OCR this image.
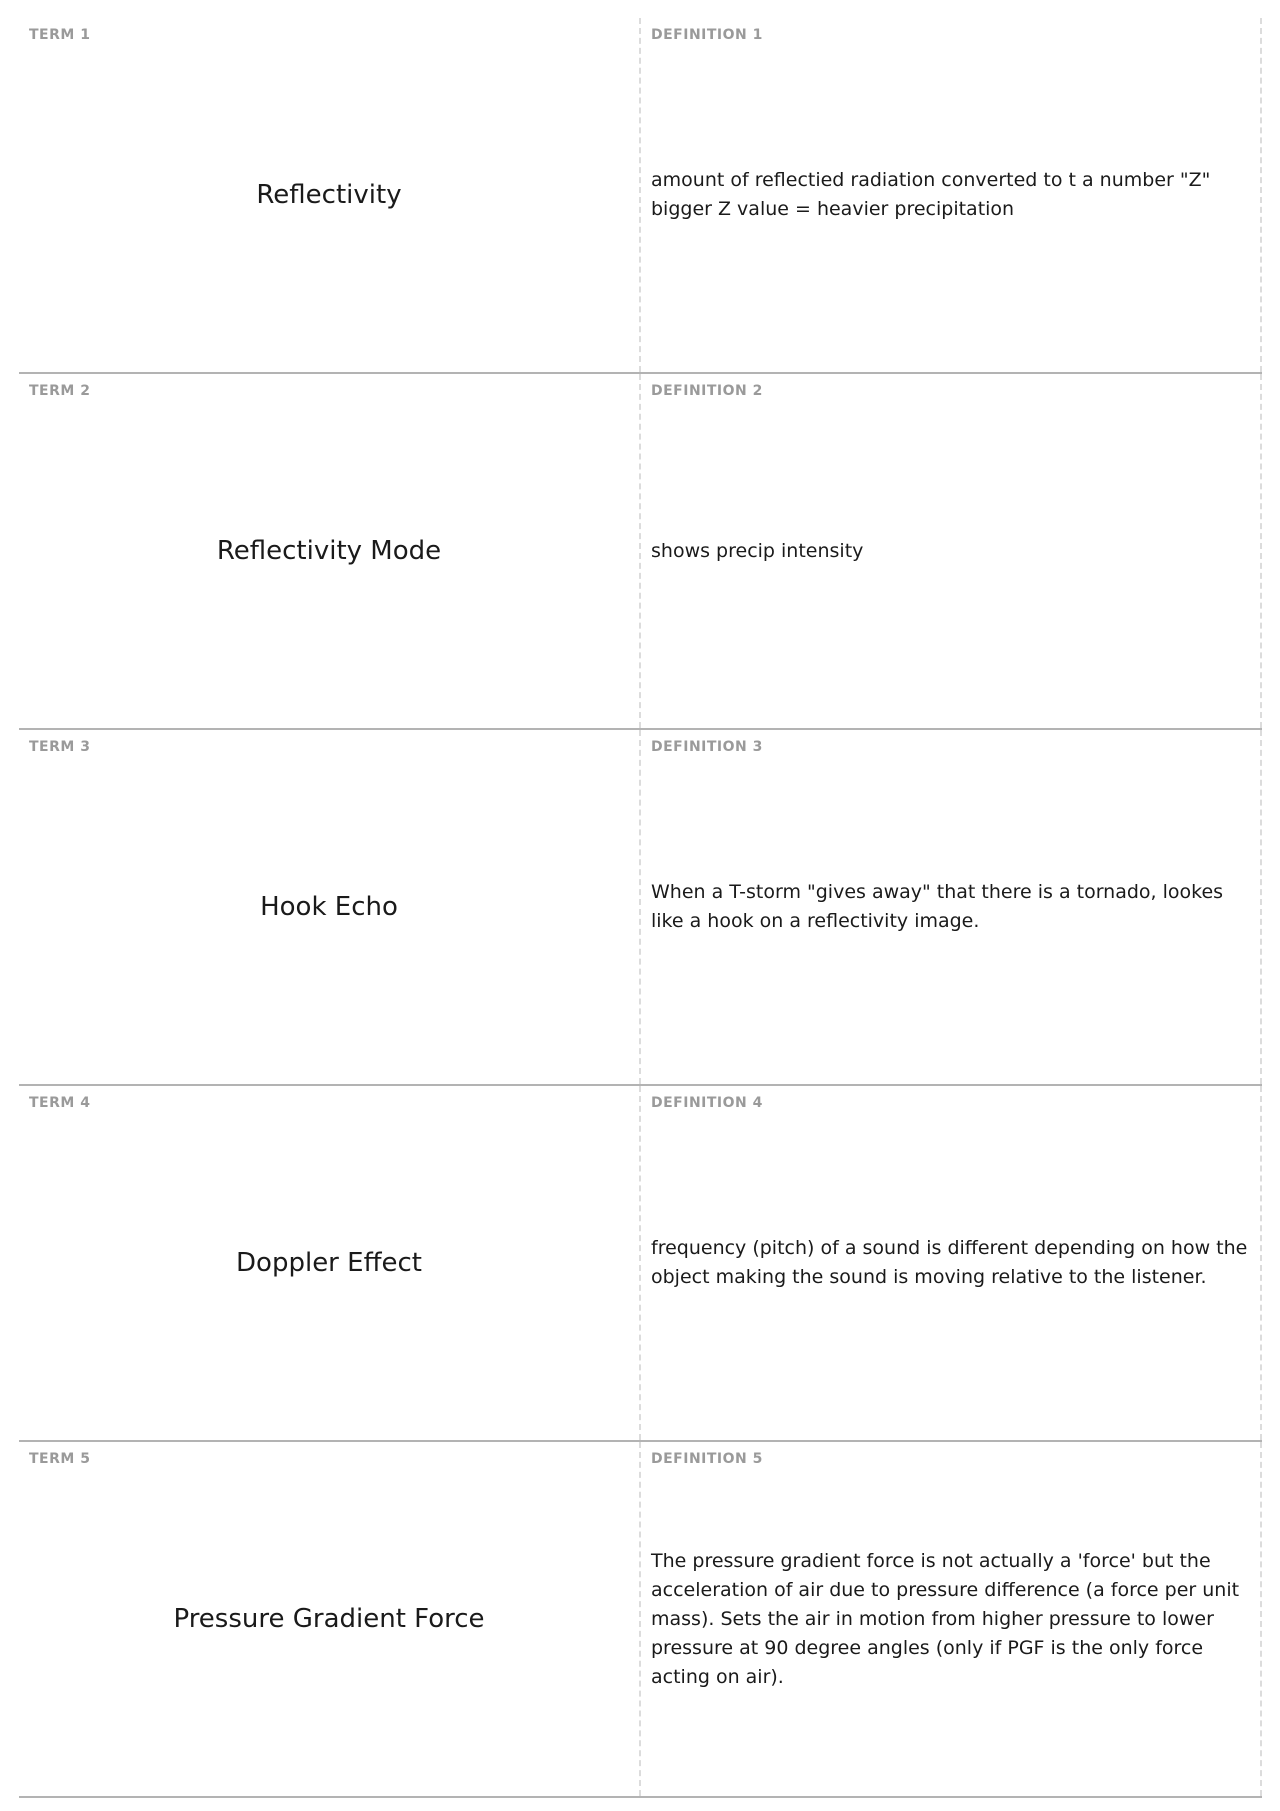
TERM 1
Reflectivity
DEFINITION 1
amount of reflectied radiation converted to t a number "Z"
bigger Z value = heavier precipitation
TERM 2
Reflectivity Mode
DEFINITION 2
shows precip intensity
TERM 3
Hook Echo
DEFINITION 3
When a T-storm "gives away" that there is a tornado, lookes like a hook on a reflectivity image.
TERM 4
Doppler Effect
DEFINITION 4
frequency (pitch) of a sound is different depending on how the object making the sound is moving relative to the listener.
TERM 5
Pressure Gradient Force
DEFINITION 5
The pressure gradient force is not actually a 'force' but the acceleration of air due to pressure difference (a force per unit mass). Sets the air in motion from higher pressure to lower pressure at 90 degree angles (only if PGF is the only force acting on air).
